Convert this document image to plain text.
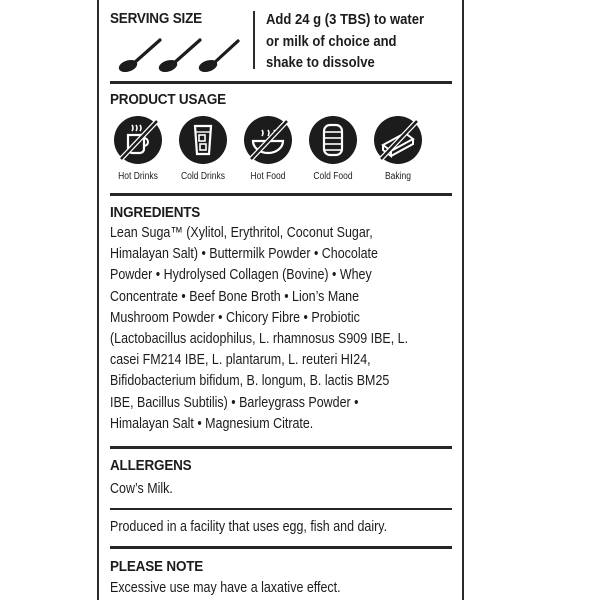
SERVING SIZE	Add 24 g (3 TBS) to water
or milk of choice and
shake to dissolve
PRODUCT USAGE
Hot Drinks	Cold Drinks	Hot Food	Cold Food	Baking
INGREDIENTS
Lean Suga™ (Xylitol, Erythritol, Coconut Sugar,
Himalayan Salt) • Buttermilk Powder • Chocolate
Powder • Hydrolysed Collagen (Bovine) • Whey
Concentrate • Beef Bone Broth • Lion’s Mane
Mushroom Powder • Chicory Fibre • Probiotic
(Lactobacillus acidophilus, L. rhamnosus S909 IBE, L.
casei FM214 IBE, L. plantarum, L. reuteri HI24,
Bifidobacterium bifidum, B. longum, B. lactis BM25
IBE, Bacillus Subtilis) • Barleygrass Powder •
Himalayan Salt • Magnesium Citrate.
ALLERGENS
Cow’s Milk.
Produced in a facility that uses egg, fish and dairy.
PLEASE NOTE
Excessive use may have a laxative effect.
